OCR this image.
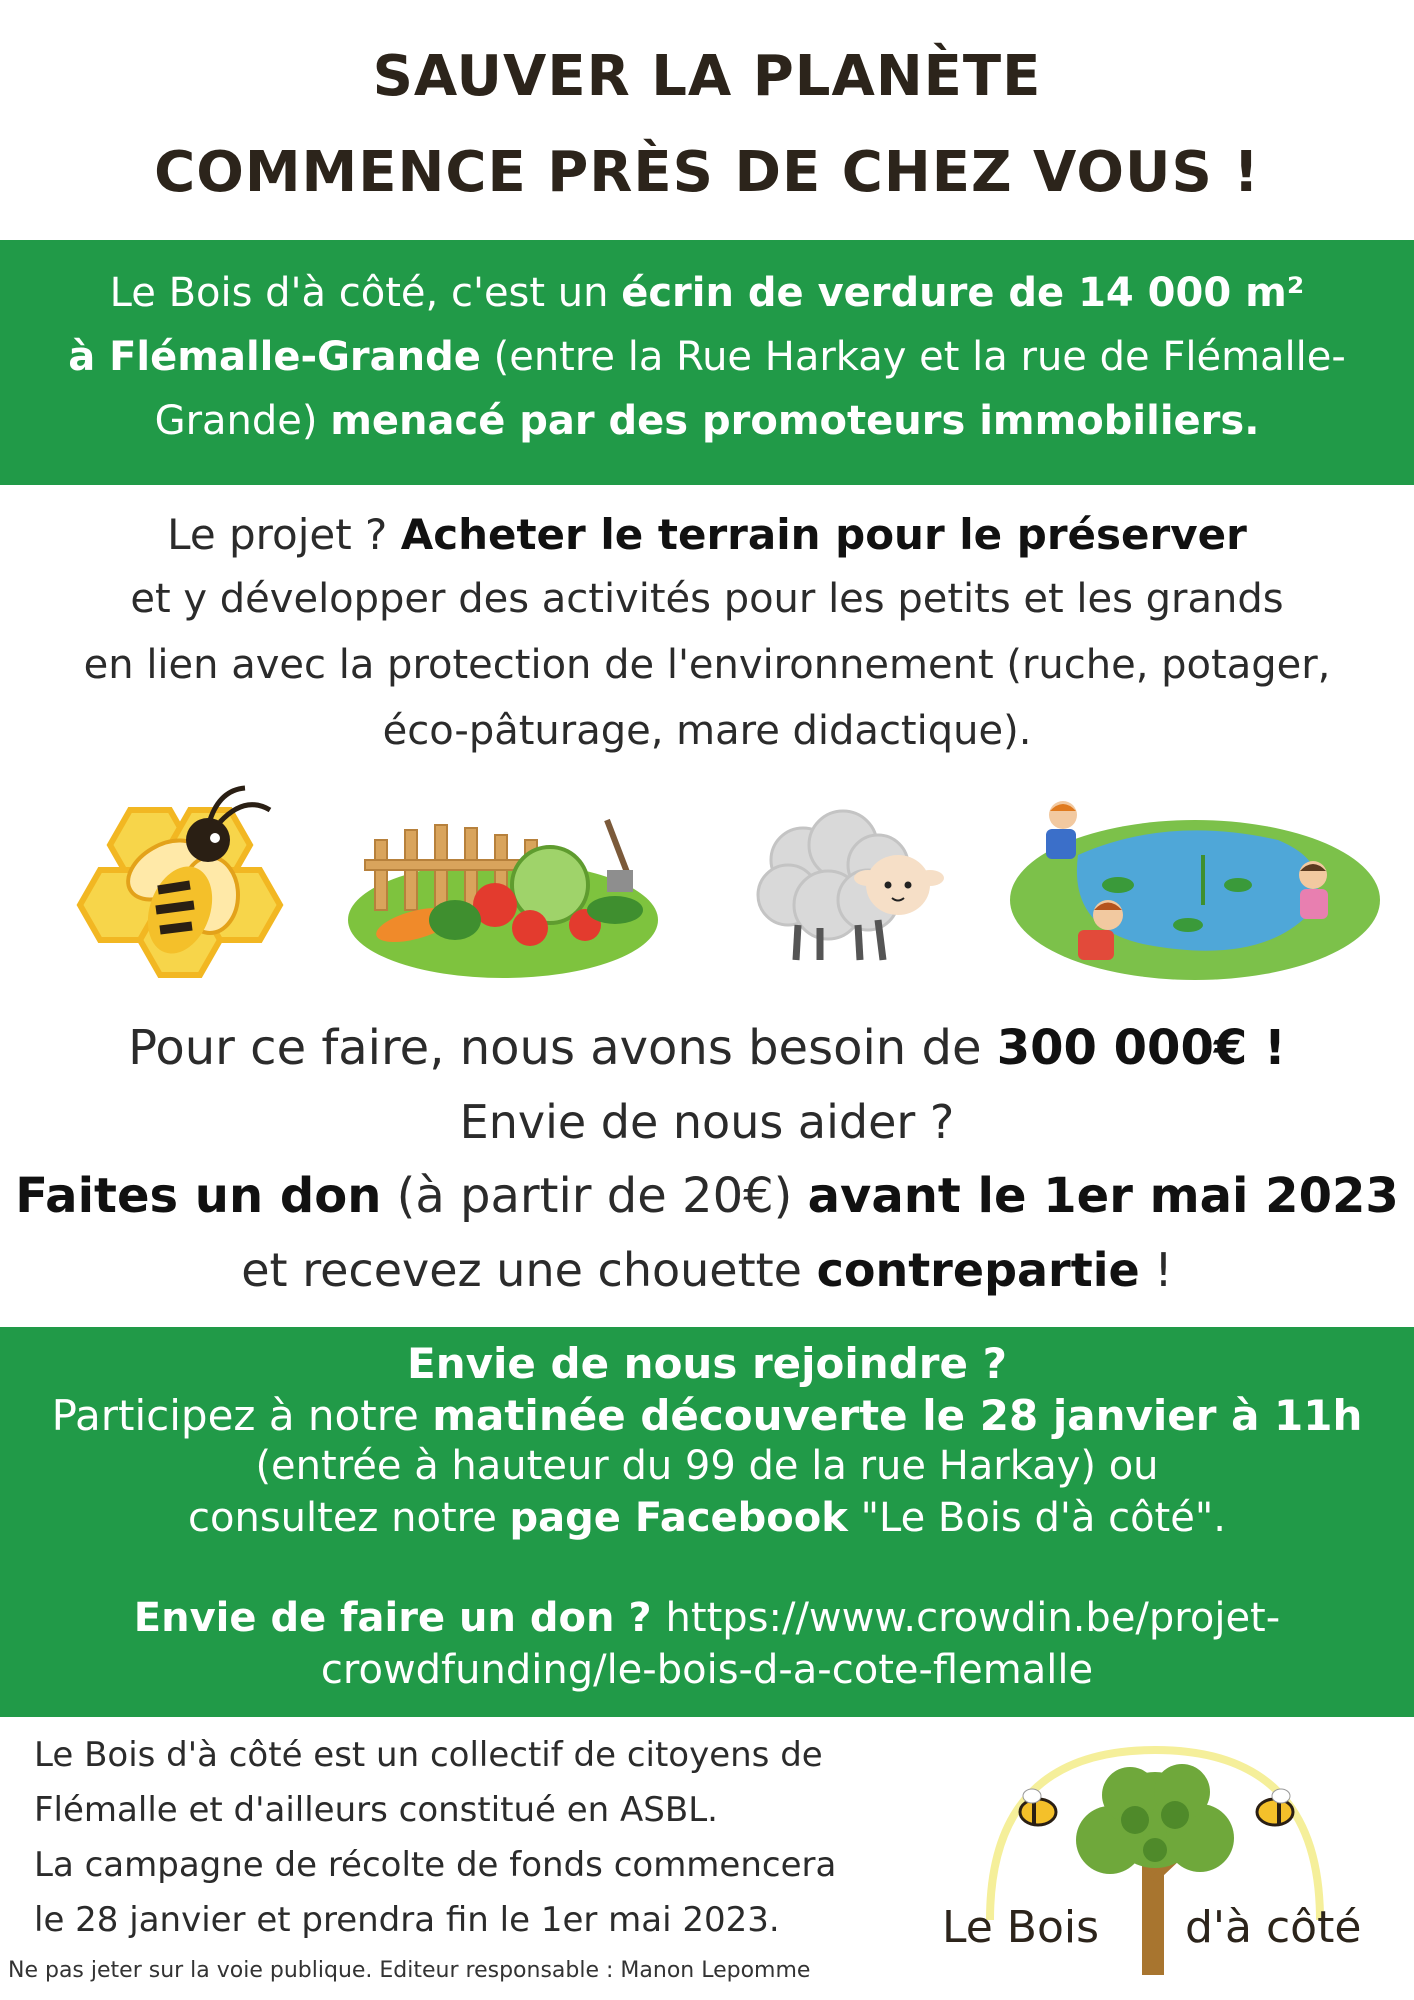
SAUVER LA PLANÈTE
COMMENCE PRÈS DE CHEZ VOUS !
Le Bois d'à côté, c'est un écrin de verdure de 14 000 m²
à Flémalle-Grande (entre la Rue Harkay et la rue de Flémalle-
Grande) menacé par des promoteurs immobiliers.
Le projet ? Acheter le terrain pour le préserver
et y développer des activités pour les petits et les grands
en lien avec la protection de l'environnement (ruche, potager,
éco-pâturage, mare didactique).
Pour ce faire, nous avons besoin de 300 000€ !
Envie de nous aider ?
Faites un don (à partir de 20€) avant le 1er mai 2023
et recevez une chouette contrepartie !
Envie de nous rejoindre ?
Participez à notre matinée découverte le 28 janvier à 11h
(entrée à hauteur du 99 de la rue Harkay) ou
consultez notre page Facebook "Le Bois d'à côté".
Envie de faire un don ? https://www.crowdin.be/projet-
crowdfunding/le-bois-d-a-cote-flemalle
Le Bois d'à côté est un collectif de citoyens de
Flémalle et d'ailleurs constitué en ASBL.
La campagne de récolte de fonds commencera
le 28 janvier et prendra fin le 1er mai 2023.
Ne pas jeter sur la voie publique. Editeur responsable : Manon Lepomme
Le Bois d'à côté
